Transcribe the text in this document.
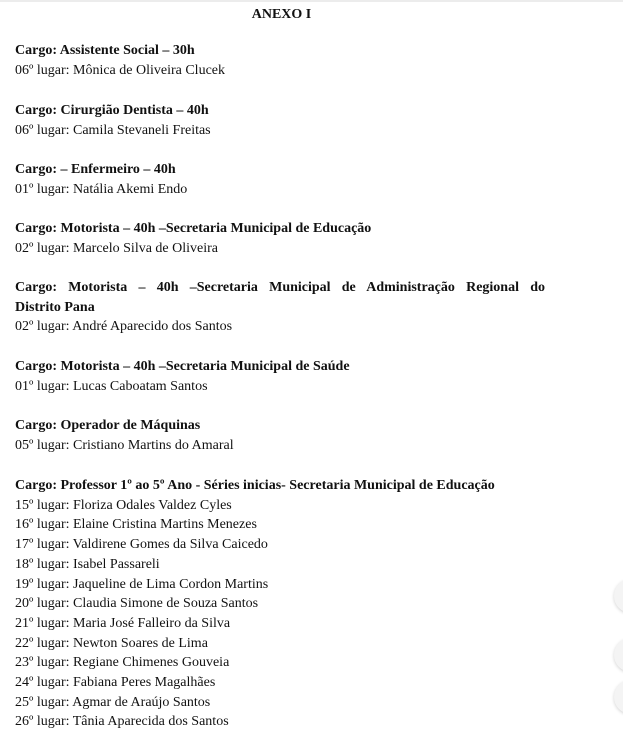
ANEXO I
Cargo: Assistente Social – 30h
06º lugar: Mônica de Oliveira Clucek
Cargo: Cirurgião Dentista – 40h
06º lugar: Camila Stevaneli Freitas
Cargo: – Enfermeiro – 40h
01º lugar: Natália Akemi Endo
Cargo: Motorista – 40h –Secretaria Municipal de Educação
02º lugar: Marcelo Silva de Oliveira
Cargo: Motorista – 40h –Secretaria Municipal de Administração Regional do
Distrito Pana
02º lugar: André Aparecido dos Santos
Cargo: Motorista – 40h –Secretaria Municipal de Saúde
01º lugar: Lucas Caboatam Santos
Cargo: Operador de Máquinas
05º lugar: Cristiano Martins do Amaral
Cargo: Professor 1º ao 5º Ano - Séries inicias- Secretaria Municipal de Educação
15º lugar: Floriza Odales Valdez Cyles
16º lugar: Elaine Cristina Martins Menezes
17º lugar: Valdirene Gomes da Silva Caicedo
18º lugar: Isabel Passareli
19º lugar: Jaqueline de Lima Cordon Martins
20º lugar: Claudia Simone de Souza Santos
21º lugar: Maria José Falleiro da Silva
22º lugar: Newton Soares de Lima
23º lugar: Regiane Chimenes Gouveia
24º lugar: Fabiana Peres Magalhães
25º lugar: Agmar de Araújo Santos
26º lugar: Tânia Aparecida dos Santos
